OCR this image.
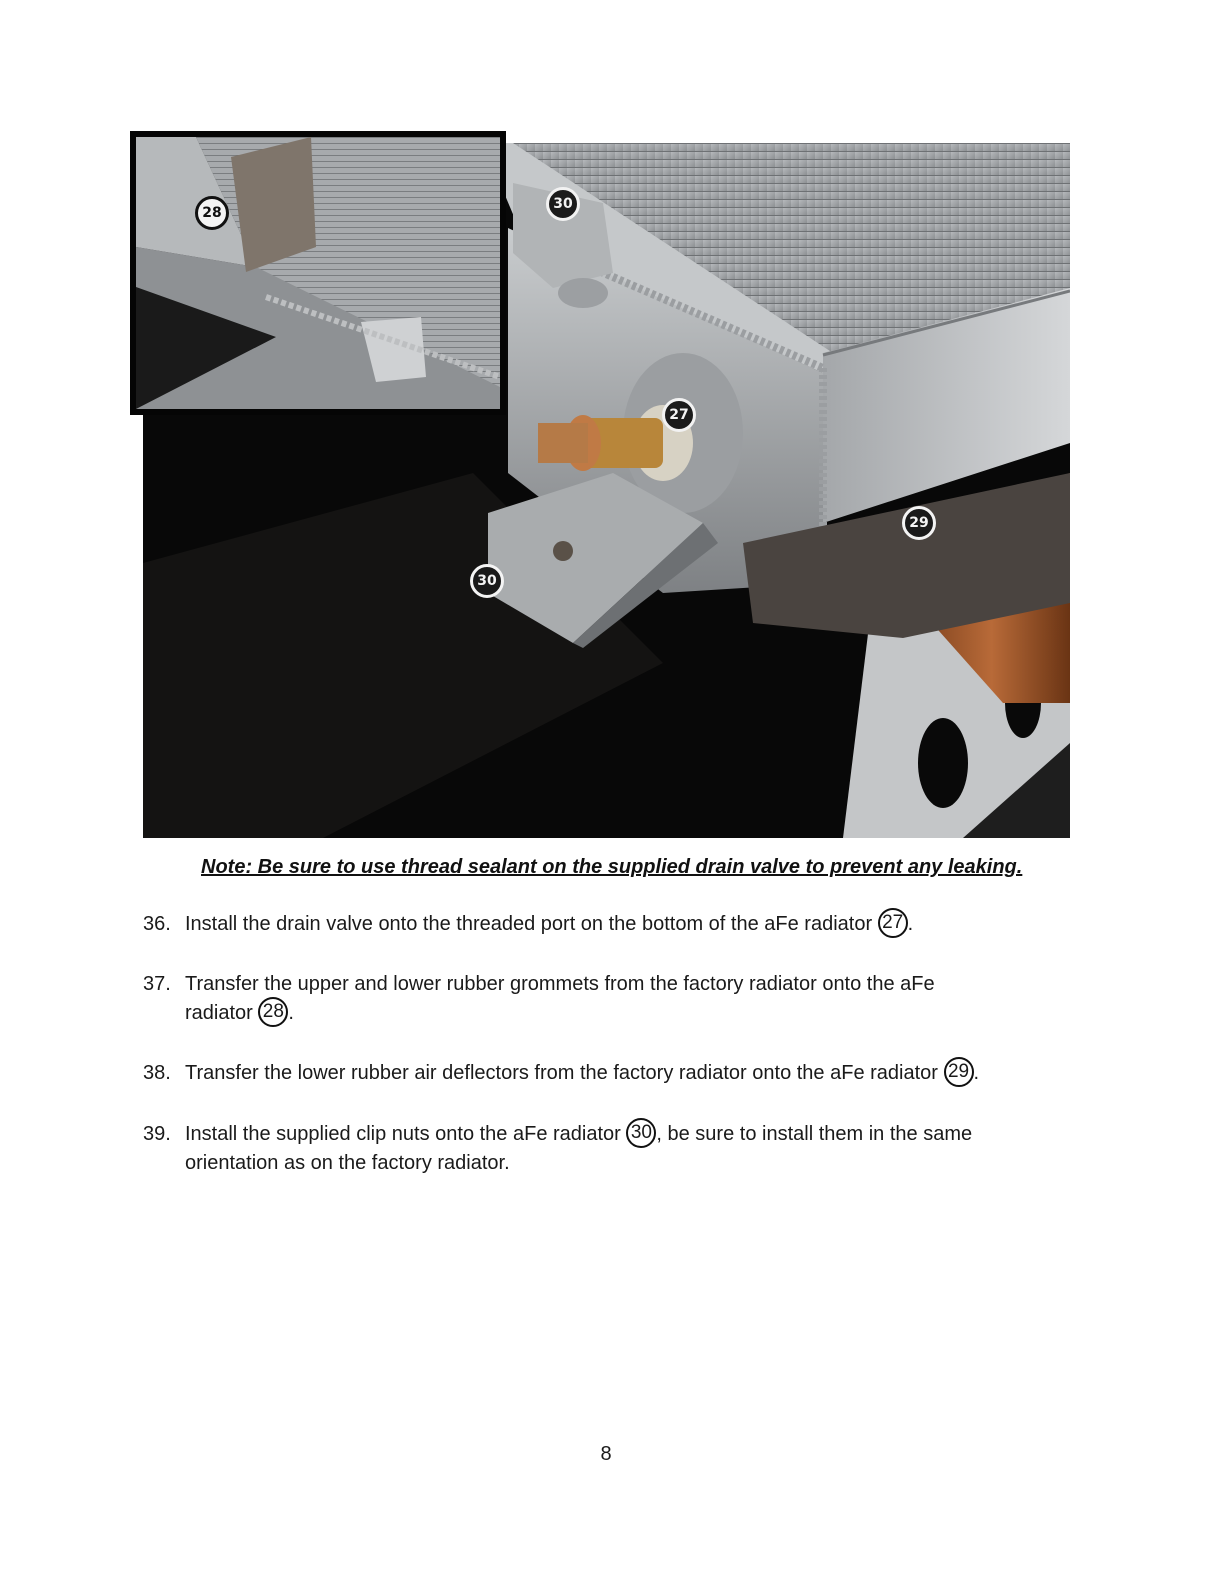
30
27
29
30
28
Note: Be sure to use thread sealant on the supplied drain valve to prevent any leaking.
36. Install the drain valve onto the threaded port on the bottom of the aFe radiator 27 .
37. Transfer the upper and lower rubber grommets from the factory radiator onto the aFe
radiator 28 .
38. Transfer the lower rubber air deflectors from the factory radiator onto the aFe radiator 29 .
39. Install the supplied clip nuts onto the aFe radiator 30 , be sure to install them in the same
orientation as on the factory radiator.
8
